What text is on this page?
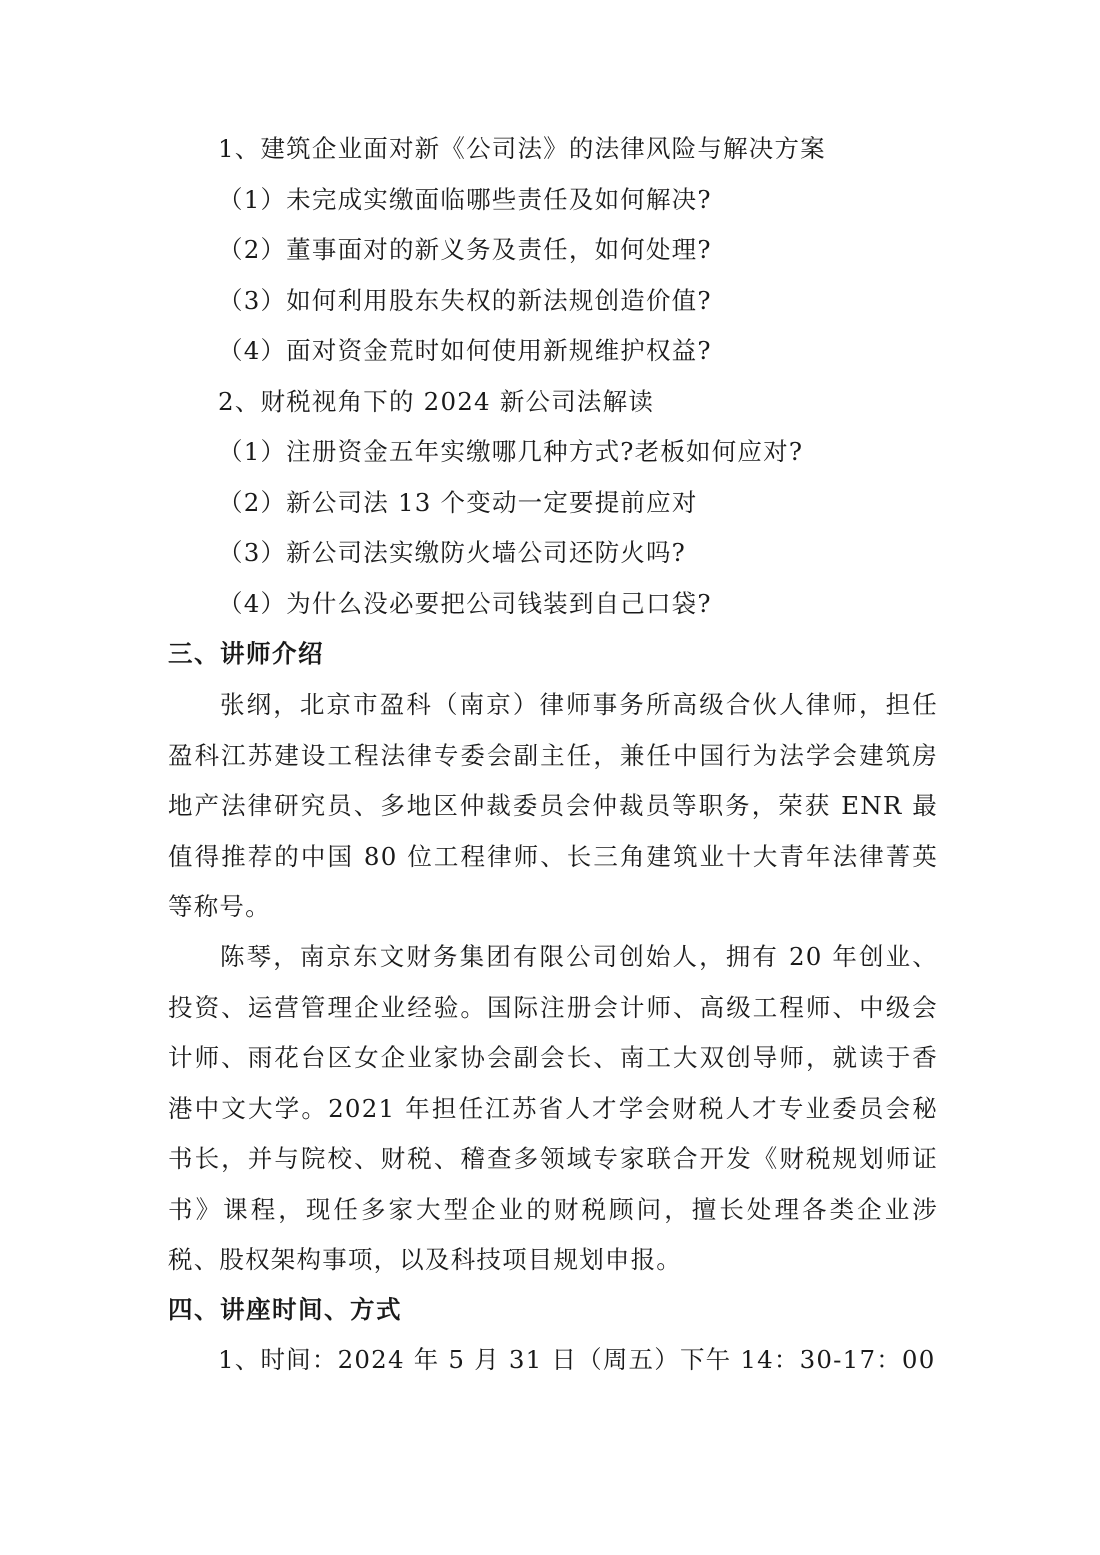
1、建筑企业面对新《公司法》的法律风险与解决方案
（1）未完成实缴面临哪些责任及如何解决?
（2）董事面对的新义务及责任，如何处理?
（3）如何利用股东失权的新法规创造价值?
（4）面对资金荒时如何使用新规维护权益?
2、财税视角下的 2024 新公司法解读
（1）注册资金五年实缴哪几种方式?老板如何应对?
（2）新公司法 13 个变动一定要提前应对
（3）新公司法实缴防火墙公司还防火吗?
（4）为什么没必要把公司钱装到自己口袋?
三、讲师介绍
张纲，北京市盈科（南京）律师事务所高级合伙人律师，担任盈科江苏建设工程法律专委会副主任，兼任中国行为法学会建筑房地产法律研究员、多地区仲裁委员会仲裁员等职务，荣获 ENR 最值得推荐的中国 80 位工程律师、长三角建筑业十大青年法律菁英等称号。
陈琴，南京东文财务集团有限公司创始人，拥有 20 年创业、投资、运营管理企业经验。国际注册会计师、高级工程师、中级会计师、雨花台区女企业家协会副会长、南工大双创导师，就读于香港中文大学。2021 年担任江苏省人才学会财税人才专业委员会秘书长，并与院校、财税、稽查多领域专家联合开发《财税规划师证书》课程，现任多家大型企业的财税顾问，擅长处理各类企业涉税、股权架构事项，以及科技项目规划申报。
四、讲座时间、方式
1、时间：2024 年 5 月 31 日（周五）下午 14：30-17：00
